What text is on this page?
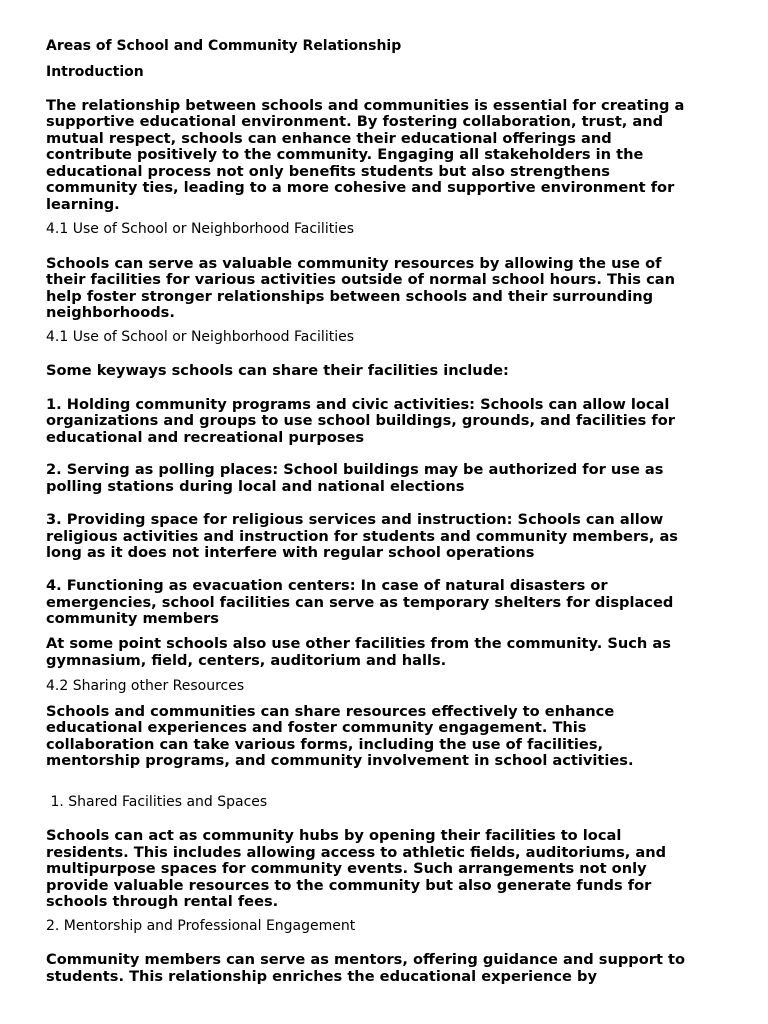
Areas of School and Community Relationship
Introduction
The relationship between schools and communities is essential for creating a
supportive educational environment. By fostering collaboration, trust, and
mutual respect, schools can enhance their educational offerings and
contribute positively to the community. Engaging all stakeholders in the
educational process not only benefits students but also strengthens
community ties, leading to a more cohesive and supportive environment for
learning.
4.1 Use of School or Neighborhood Facilities
Schools can serve as valuable community resources by allowing the use of
their facilities for various activities outside of normal school hours. This can
help foster stronger relationships between schools and their surrounding
neighborhoods.
4.1 Use of School or Neighborhood Facilities
Some keyways schools can share their facilities include:
1. Holding community programs and civic activities: Schools can allow local
organizations and groups to use school buildings, grounds, and facilities for
educational and recreational purposes
2. Serving as polling places: School buildings may be authorized for use as
polling stations during local and national elections
3. Providing space for religious services and instruction: Schools can allow
religious activities and instruction for students and community members, as
long as it does not interfere with regular school operations
4. Functioning as evacuation centers: In case of natural disasters or
emergencies, school facilities can serve as temporary shelters for displaced
community members
At some point schools also use other facilities from the community. Such as
gymnasium, field, centers, auditorium and halls.
4.2 Sharing other Resources
Schools and communities can share resources effectively to enhance
educational experiences and foster community engagement. This
collaboration can take various forms, including the use of facilities,
mentorship programs, and community involvement in school activities.
1. Shared Facilities and Spaces
Schools can act as community hubs by opening their facilities to local
residents. This includes allowing access to athletic fields, auditoriums, and
multipurpose spaces for community events. Such arrangements not only
provide valuable resources to the community but also generate funds for
schools through rental fees.
2. Mentorship and Professional Engagement
Community members can serve as mentors, offering guidance and support to
students. This relationship enriches the educational experience by
